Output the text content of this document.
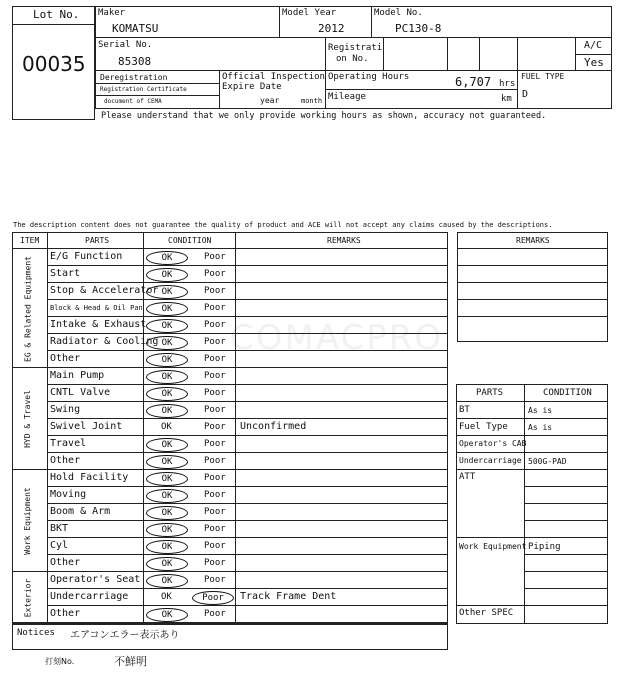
Lot No.
00035
Maker
KOMATSU
Model Year
2012
Model No.
PC130-8
Serial No.
85308
Registrati
on No.
A/C
Yes
Deregistration
Registration Certificate
document of CEMA
Official Inspection
Expire Date
year	month
Operating Hours	6,707 hrs
Mileage	km
FUEL TYPE
D
Please understand that we only provide working hours as shown, accuracy not guaranteed.
The description content does not guarantee the quality of product and ACE will not accept any claims caused by the descriptions.
ITEM	PARTS	CONDITION	REMARKS
E/G Function	OK	Poor
Start	OK	Poor
Stop & Accelerator OK	Poor
Block & Head & Oil Pan	OK	Poor
Intake & Exhaust	OK	Poor
Radiator & Cooling OK	Poor
Other	OK	Poor
EG & Related Equipment
Main Pump	OK	Poor
CNTL Valve	OK	Poor
Swing	OK	Poor
Swivel Joint	OK	Poor Unconfirmed
Travel	OK	Poor
Other	OK	Poor
HYD & Travel
Hold Facility	OK	Poor
Moving	OK	Poor
Boom & Arm	OK	Poor
BKT	OK	Poor
Cyl	OK	Poor
Other	OK	Poor
Work Equipment
Operator's Seat	OK	Poor
Undercarriage	OK	Poor	Track Frame Dent
Other	OK	Poor
Exterior
Notices エアコンエラー表示あり
打刻No.	不鮮明
REMARKS
PARTS	CONDITION
BT	As is
Fuel Type	As is
Operator's CAB
Undercarriage 500G-PAD
ATT
Work Equipment Piping
Other SPEC
COMACPRO
